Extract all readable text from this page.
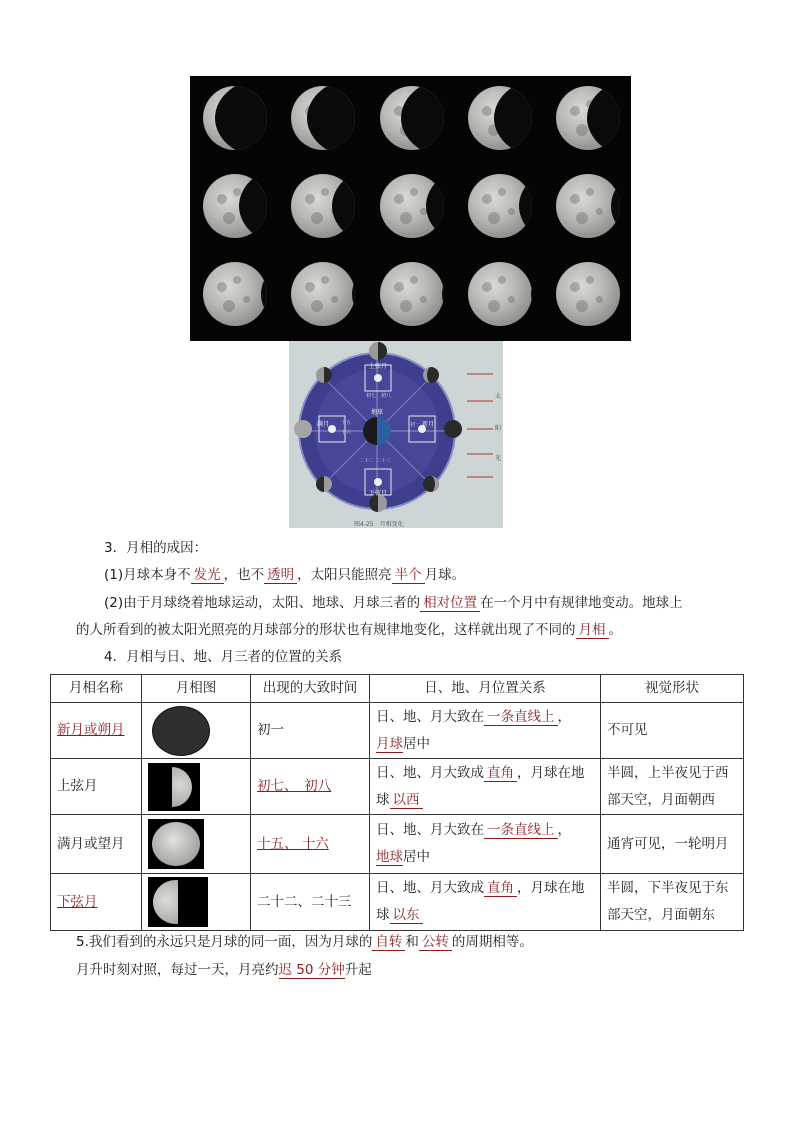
上弦月
初七　初八
下弦月
二十二 二十三
满月 十五
十六
新月
初一
地球
太
阳
光
图4-25　月相变化
3．月相的成因：
(1)月球本身不 发光 ，也不 透明 ，太阳只能照亮 半个 月球。
(2)由于月球绕着地球运动，太阳、地球、月球三者的 相对位置 在一个月中有规律地变动。地球上
的人所看到的被太阳光照亮的月球部分的形状也有规律地变化，这样就出现了不同的 月相 。
4．月相与日、地、月三者的位置的关系
月相名称	月相图	出现的大致时间	日、地、月位置关系	视觉形状
新月或朔月		初一	日、地、月大致在 一条直线上 ，
月球居中	不可见
上弦月		初七、　初八	日、地、月大致成 直角 ，月球在地
球 以西	半圆，上半夜见于西部天空，月面朝西
满月或望月		十五、 十六	日、地、月大致在 一条直线上 ，
地球居中	通宵可见，一轮明月
下弦月		二十二、二十三	日、地、月大致成 直角 ，月球在地
球 以东	半圆，下半夜见于东部天空，月面朝东
5.我们看到的永远只是月球的同一面，因为月球的 自转 和 公转 的周期相等。
月升时刻对照，每过一天，月亮约迟 50 分钟升起
